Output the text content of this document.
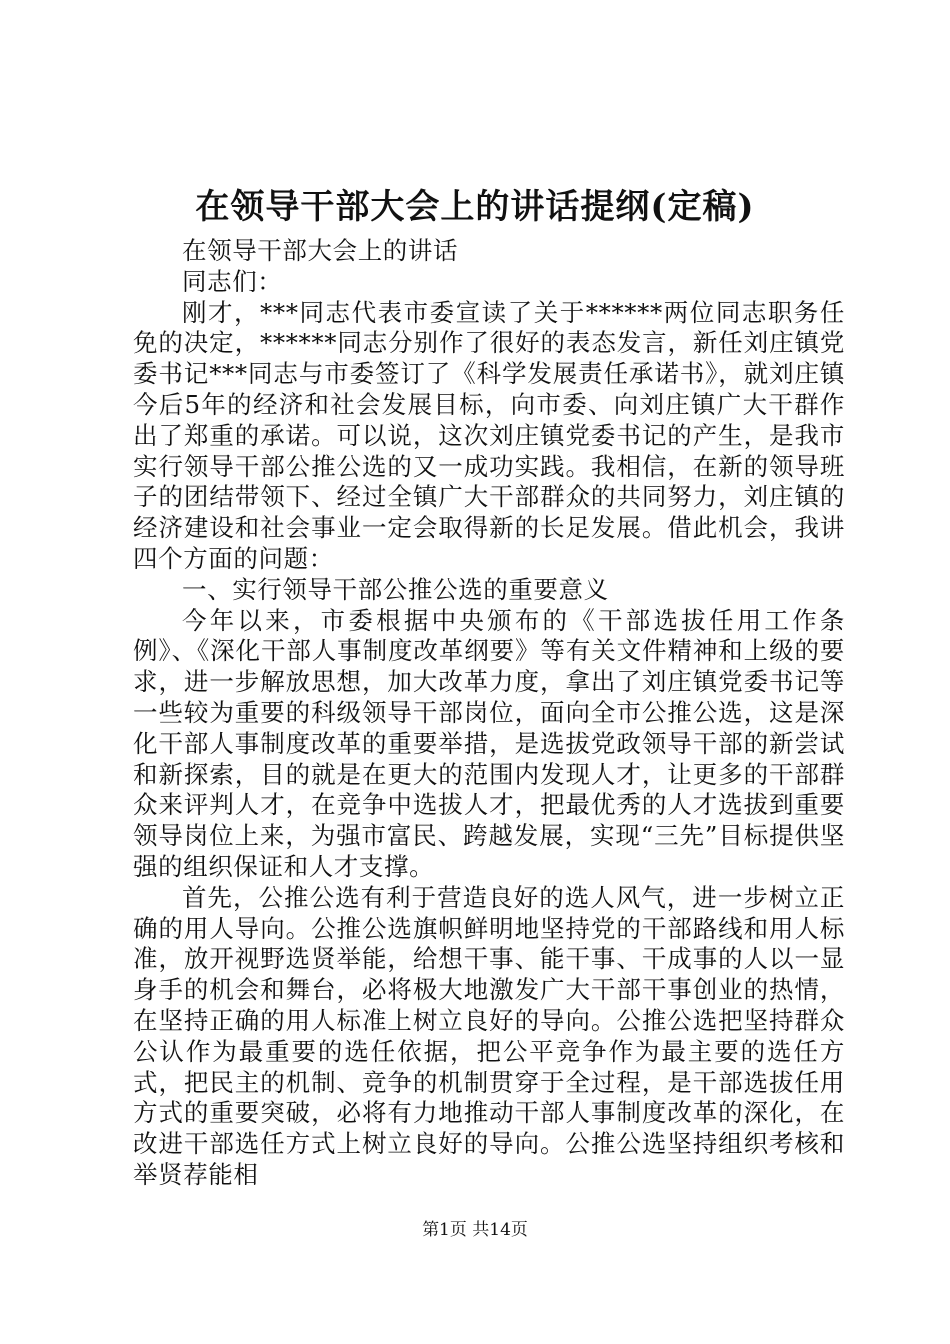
在领导干部大会上的讲话提纲(定稿)

在领导干部大会上的讲话

同志们：

刚才，***同志代表市委宣读了关于******两位同志职务任免的决定，******同志分别作了很好的表态发言，新任刘庄镇党委书记***同志与市委签订了《科学发展责任承诺书》，就刘庄镇今后5年的经济和社会发展目标，向市委、向刘庄镇广大干群作出了郑重的承诺。可以说，这次刘庄镇党委书记的产生，是我市实行领导干部公推公选的又一成功实践。我相信，在新的领导班子的团结带领下、经过全镇广大干部群众的共同努力，刘庄镇的经济建设和社会事业一定会取得新的长足发展。借此机会，我讲四个方面的问题：

一、实行领导干部公推公选的重要意义

今年以来，市委根据中央颁布的《干部选拔任用工作条例》、《深化干部人事制度改革纲要》等有关文件精神和上级的要求，进一步解放思想，加大改革力度，拿出了刘庄镇党委书记等一些较为重要的科级领导干部岗位，面向全市公推公选，这是深化干部人事制度改革的重要举措，是选拔党政领导干部的新尝试和新探索，目的就是在更大的范围内发现人才，让更多的干部群众来评判人才，在竞争中选拔人才，把最优秀的人才选拔到重要领导岗位上来，为强市富民、跨越发展，实现“三先”目标提供坚强的组织保证和人才支撑。

首先，公推公选有利于营造良好的选人风气，进一步树立正确的用人导向。公推公选旗帜鲜明地坚持党的干部路线和用人标准，放开视野选贤举能，给想干事、能干事、干成事的人以一显身手的机会和舞台，必将极大地激发广大干部干事创业的热情，在坚持正确的用人标准上树立良好的导向。公推公选把坚持群众公认作为最重要的选任依据，把公平竞争作为最主要的选任方式，把民主的机制、竞争的机制贯穿于全过程，是干部选拔任用方式的重要突破，必将有力地推动干部人事制度改革的深化，在改进干部选任方式上树立良好的导向。公推公选坚持组织考核和举贤荐能相

第1页 共14页
